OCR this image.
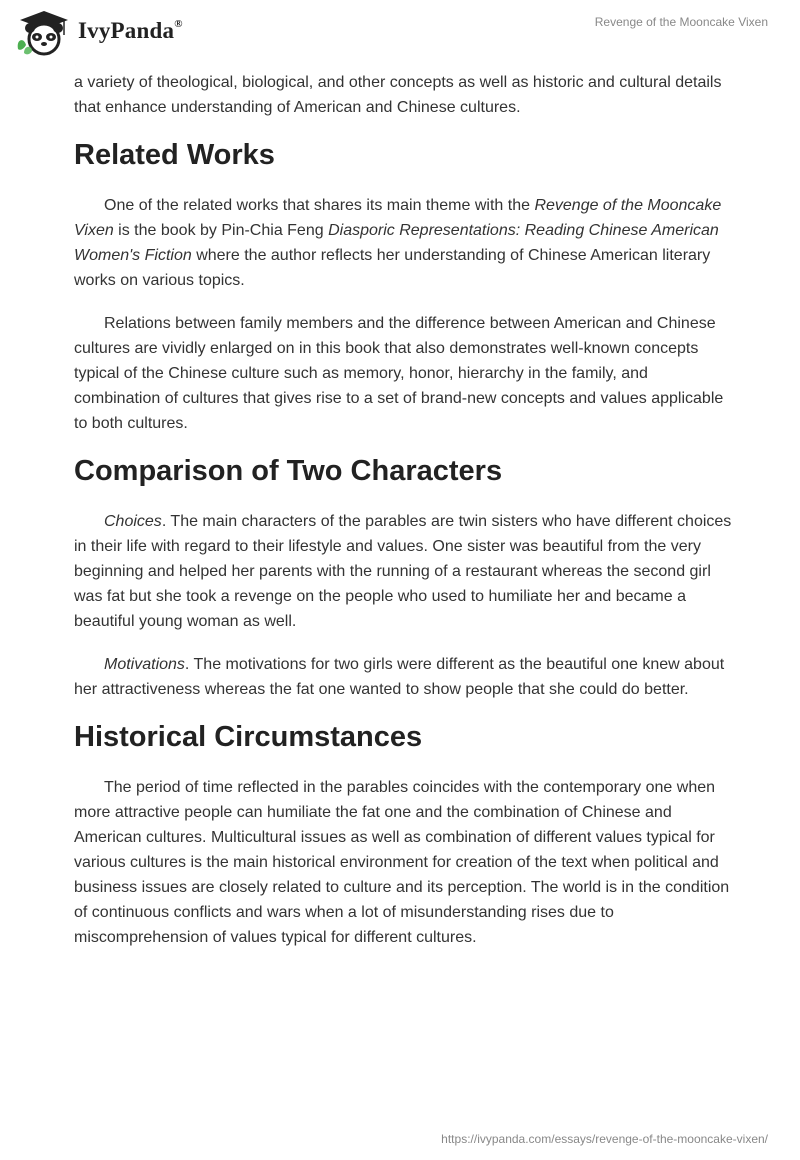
IvyPanda®	Revenge of the Mooncake Vixen

a variety of theological, biological, and other concepts as well as historic and cultural details that enhance understanding of American and Chinese cultures.

Related Works

One of the related works that shares its main theme with the Revenge of the Mooncake Vixen is the book by Pin-Chia Feng Diasporic Representations: Reading Chinese American Women's Fiction where the author reflects her understanding of Chinese American literary works on various topics.

Relations between family members and the difference between American and Chinese cultures are vividly enlarged on in this book that also demonstrates well-known concepts typical of the Chinese culture such as memory, honor, hierarchy in the family, and combination of cultures that gives rise to a set of brand-new concepts and values applicable to both cultures.

Comparison of Two Characters

Choices. The main characters of the parables are twin sisters who have different choices in their life with regard to their lifestyle and values. One sister was beautiful from the very beginning and helped her parents with the running of a restaurant whereas the second girl was fat but she took a revenge on the people who used to humiliate her and became a beautiful young woman as well.

Motivations. The motivations for two girls were different as the beautiful one knew about her attractiveness whereas the fat one wanted to show people that she could do better.

Historical Circumstances

The period of time reflected in the parables coincides with the contemporary one when more attractive people can humiliate the fat one and the combination of Chinese and American cultures. Multicultural issues as well as combination of different values typical for various cultures is the main historical environment for creation of the text when political and business issues are closely related to culture and its perception. The world is in the condition of continuous conflicts and wars when a lot of misunderstanding rises due to miscomprehension of values typical for different cultures.

https://ivypanda.com/essays/revenge-of-the-mooncake-vixen/
